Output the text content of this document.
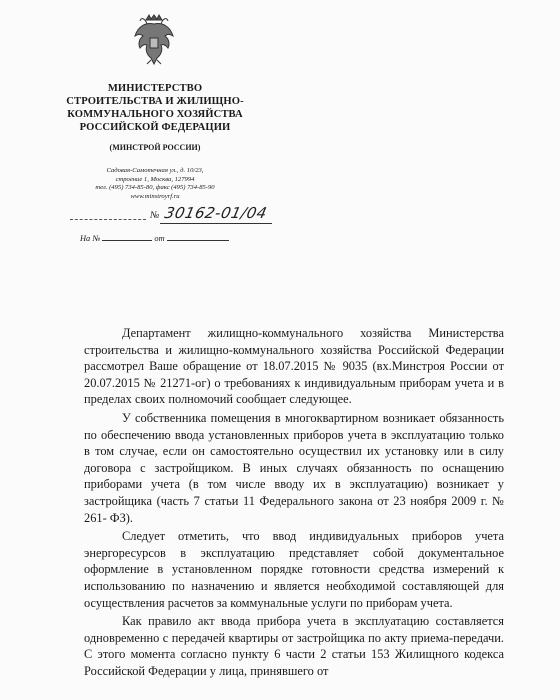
МИНИСТЕРСТВО
СТРОИТЕЛЬСТВА И ЖИЛИЩНО-
КОММУНАЛЬНОГО ХОЗЯЙСТВА
РОССИЙСКОЙ ФЕДЕРАЦИИ
(МИНСТРОЙ РОССИИ)
Садовая-Самотечная ул., д. 10/23,
строение 1, Москва, 127994
тел. (495) 734-85-80, факс (495) 734-85-90
www.minstroyrf.ru
№ 30162-01/04
На №	от

Департамент жилищно-коммунального хозяйства Министерства строительства и жилищно-коммунального хозяйства Российской Федерации рассмотрел Ваше обращение от 18.07.2015 № 9035 (вх.Минстроя России от 20.07.2015 № 21271-ог) о требованиях к индивидуальным приборам учета и в пределах своих полномочий сообщает следующее.

У собственника помещения в многоквартирном возникает обязанность по обеспечению ввода установленных приборов учета в эксплуатацию только в том случае, если он самостоятельно осуществил их установку или в силу договора с застройщиком. В иных случаях обязанность по оснащению приборами учета (в том числе вводу их в эксплуатацию) возникает у застройщика (часть 7 статьи 11 Федерального закона от 23 ноября 2009 г. № 261- ФЗ).

Следует отметить, что ввод индивидуальных приборов учета энергоресурсов в эксплуатацию представляет собой документальное оформление в установленном порядке готовности средства измерений к использованию по назначению и является необходимой составляющей для осуществления расчетов за коммунальные услуги по приборам учета.

Как правило акт ввода прибора учета в эксплуатацию составляется одновременно с передачей квартиры от застройщика по акту приема-передачи. С этого момента согласно пункту 6 части 2 статьи 153 Жилищного кодекса Российской Федерации у лица, принявшего от
